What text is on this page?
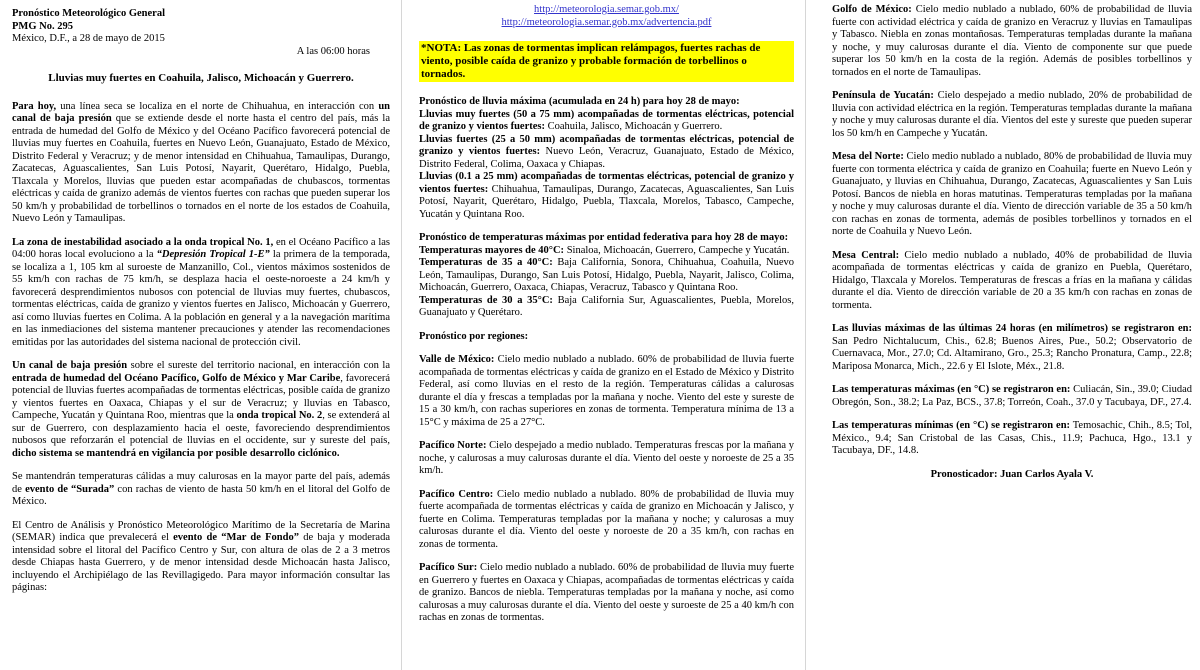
Pronóstico Meteorológico General
PMG No. 295
México, D.F., a 28 de mayo de 2015
A las 06:00 horas
Lluvias muy fuertes en Coahuila, Jalisco, Michoacán y Guerrero.

Para hoy, una línea seca se localiza en el norte de Chihuahua, en interacción con un canal de baja presión que se extiende desde el norte hasta el centro del país, más la entrada de humedad del Golfo de México y del Océano Pacífico favorecerá potencial de lluvias muy fuertes en Coahuila, fuertes en Nuevo León, Guanajuato, Estado de México, Distrito Federal y Veracruz; y de menor intensidad en Chihuahua, Tamaulipas, Durango, Zacatecas, Aguascalientes, San Luis Potosí, Nayarit, Querétaro, Hidalgo, Puebla, Tlaxcala y Morelos, lluvias que pueden estar acompañadas de chubascos, tormentas eléctricas y caída de granizo además de vientos fuertes con rachas que pueden superar los 50 km/h y probabilidad de torbellinos o tornados en el norte de los estados de Coahuila, Nuevo León y Tamaulipas.

La zona de inestabilidad asociado a la onda tropical No. 1, en el Océano Pacífico a las 04:00 horas local evoluciono a la “Depresión Tropical 1-E” la primera de la temporada, se localiza a 1, 105 km al suroeste de Manzanillo, Col., vientos máximos sostenidos de 55 km/h con rachas de 75 km/h, se desplaza hacia el oeste-noroeste a 24 km/h y favorecerá desprendimientos nubosos con potencial de lluvias muy fuertes, chubascos, tormentas eléctricas, caída de granizo y vientos fuertes en Jalisco, Michoacán y Guerrero, así como lluvias fuertes en Colima. A la población en general y a la navegación marítima en las inmediaciones del sistema mantener precauciones y atender las recomendaciones emitidas por las autoridades del sistema nacional de protección civil.

Un canal de baja presión sobre el sureste del territorio nacional, en interacción con la entrada de humedad del Océano Pacífico, Golfo de México y Mar Caribe, favorecerá potencial de lluvias fuertes acompañadas de tormentas eléctricas, posible caída de granizo y vientos fuertes en Oaxaca, Chiapas y el sur de Veracruz; y lluvias en Tabasco, Campeche, Yucatán y Quintana Roo, mientras que la onda tropical No. 2, se extenderá al sur de Guerrero, con desplazamiento hacia el oeste, favoreciendo desprendimientos nubosos que reforzarán el potencial de lluvias en el occidente, sur y sureste del país, dicho sistema se mantendrá en vigilancia por posible desarrollo ciclónico.

Se mantendrán temperaturas cálidas a muy calurosas en la mayor parte del país, además de evento de “Surada” con rachas de viento de hasta 50 km/h en el litoral del Golfo de México.

El Centro de Análisis y Pronóstico Meteorológico Marítimo de la Secretaría de Marina (SEMAR) indica que prevalecerá el evento de “Mar de Fondo” de baja y moderada intensidad sobre el litoral del Pacífico Centro y Sur, con altura de olas de 2 a 3 metros desde Chiapas hasta Guerrero, y de menor intensidad desde Michoacán hasta Jalisco, incluyendo el Archipiélago de las Revillagigedo. Para mayor información consultar las páginas:

http://meteorologia.semar.gob.mx/
http://meteorologia.semar.gob.mx/advertencia.pdf
*NOTA: Las zonas de tormentas implican relámpagos, fuertes rachas de viento, posible caída de granizo y probable formación de torbellinos o tornados.

Pronóstico de lluvia máxima (acumulada en 24 h) para hoy 28 de mayo:
Lluvias muy fuertes (50 a 75 mm) acompañadas de tormentas eléctricas, potencial de granizo y vientos fuertes: Coahuila, Jalisco, Michoacán y Guerrero.
Lluvias fuertes (25 a 50 mm) acompañadas de tormentas eléctricas, potencial de granizo y vientos fuertes: Nuevo León, Veracruz, Guanajuato, Estado de México, Distrito Federal, Colima, Oaxaca y Chiapas.
Lluvias (0.1 a 25 mm) acompañadas de tormentas eléctricas, potencial de granizo y vientos fuertes: Chihuahua, Tamaulipas, Durango, Zacatecas, Aguascalientes, San Luis Potosí, Nayarit, Querétaro, Hidalgo, Puebla, Tlaxcala, Morelos, Tabasco, Campeche, Yucatán y Quintana Roo.

Pronóstico de temperaturas máximas por entidad federativa para hoy 28 de mayo:
Temperaturas mayores de 40°C: Sinaloa, Michoacán, Guerrero, Campeche y Yucatán.
Temperaturas de 35 a 40°C: Baja California, Sonora, Chihuahua, Coahuila, Nuevo León, Tamaulipas, Durango, San Luis Potosí, Hidalgo, Puebla, Nayarit, Jalisco, Colima, Michoacán, Guerrero, Oaxaca, Chiapas, Veracruz, Tabasco y Quintana Roo.
Temperaturas de 30 a 35°C: Baja California Sur, Aguascalientes, Puebla, Morelos, Guanajuato y Querétaro.

Pronóstico por regiones:

Valle de México: Cielo medio nublado a nublado. 60% de probabilidad de lluvia fuerte acompañada de tormentas eléctricas y caída de granizo en el Estado de México y Distrito Federal, así como lluvias en el resto de la región. Temperaturas cálidas a calurosas durante el día y frescas a templadas por la mañana y noche. Viento del este y sureste de 15 a 30 km/h, con rachas superiores en zonas de tormenta. Temperatura mínima de 13 a 15°C y máxima de 25 a 27°C.

Pacífico Norte: Cielo despejado a medio nublado. Temperaturas frescas por la mañana y noche, y calurosas a muy calurosas durante el día. Viento del oeste y noroeste de 25 a 35 km/h.

Pacífico Centro: Cielo medio nublado a nublado. 80% de probabilidad de lluvia muy fuerte acompañada de tormentas eléctricas y caída de granizo en Michoacán y Jalisco, y fuerte en Colima. Temperaturas templadas por la mañana y noche; y calurosas a muy calurosas durante el día. Viento del oeste y noroeste de 20 a 35 km/h, con rachas en zonas de tormenta.

Pacífico Sur: Cielo medio nublado a nublado. 60% de probabilidad de lluvia muy fuerte en Guerrero y fuertes en Oaxaca y Chiapas, acompañadas de tormentas eléctricas y caída de granizo. Bancos de niebla. Temperaturas templadas por la mañana y noche, así como calurosas a muy calurosas durante el día. Viento del oeste y suroeste de 25 a 40 km/h con rachas en zonas de tormentas.

Golfo de México: Cielo medio nublado a nublado, 60% de probabilidad de lluvia fuerte con actividad eléctrica y caída de granizo en Veracruz y lluvias en Tamaulipas y Tabasco. Niebla en zonas montañosas. Temperaturas templadas durante la mañana y noche, y muy calurosas durante el día. Viento de componente sur que puede superar los 50 km/h en la costa de la región. Además de posibles torbellinos y tornados en el norte de Tamaulipas.

Península de Yucatán: Cielo despejado a medio nublado, 20% de probabilidad de lluvia con actividad eléctrica en la región. Temperaturas templadas durante la mañana y noche y muy calurosas durante el día. Vientos del este y sureste que pueden superar los 50 km/h en Campeche y Yucatán.

Mesa del Norte: Cielo medio nublado a nublado, 80% de probabilidad de lluvia muy fuerte con tormenta eléctrica y caída de granizo en Coahuila; fuerte en Nuevo León y Guanajuato, y lluvias en Chihuahua, Durango, Zacatecas, Aguascalientes y San Luis Potosí. Bancos de niebla en horas matutinas. Temperaturas templadas por la mañana y noche y muy calurosas durante el día. Viento de dirección variable de 35 a 50 km/h con rachas en zonas de tormenta, además de posibles torbellinos y tornados en el norte de Coahuila y Nuevo León.

Mesa Central: Cielo medio nublado a nublado, 40% de probabilidad de lluvia acompañada de tormentas eléctricas y caída de granizo en Puebla, Querétaro, Hidalgo, Tlaxcala y Morelos. Temperaturas de frescas a frías en la mañana y cálidas durante el día. Viento de dirección variable de 20 a 35 km/h con rachas en zonas de tormenta.

Las lluvias máximas de las últimas 24 horas (en milímetros) se registraron en: San Pedro Nichtalucum, Chis., 62.8; Buenos Aires, Pue., 50.2; Observatorio de Cuernavaca, Mor., 27.0; Cd. Altamirano, Gro., 25.3; Rancho Pronatura, Camp., 22.8; Mariposa Monarca, Mich., 22.6 y El Islote, Méx., 21.8.

Las temperaturas máximas (en °C) se registraron en: Culiacán, Sin., 39.0; Ciudad Obregón, Son., 38.2; La Paz, BCS., 37.8; Torreón, Coah., 37.0 y Tacubaya, DF., 27.4.

Las temperaturas mínimas (en °C) se registraron en: Temosachic, Chih., 8.5; Tol, México., 9.4; San Cristobal de las Casas, Chis., 11.9; Pachuca, Hgo., 13.1 y Tacubaya, DF., 14.8.

Pronosticador: Juan Carlos Ayala V.
